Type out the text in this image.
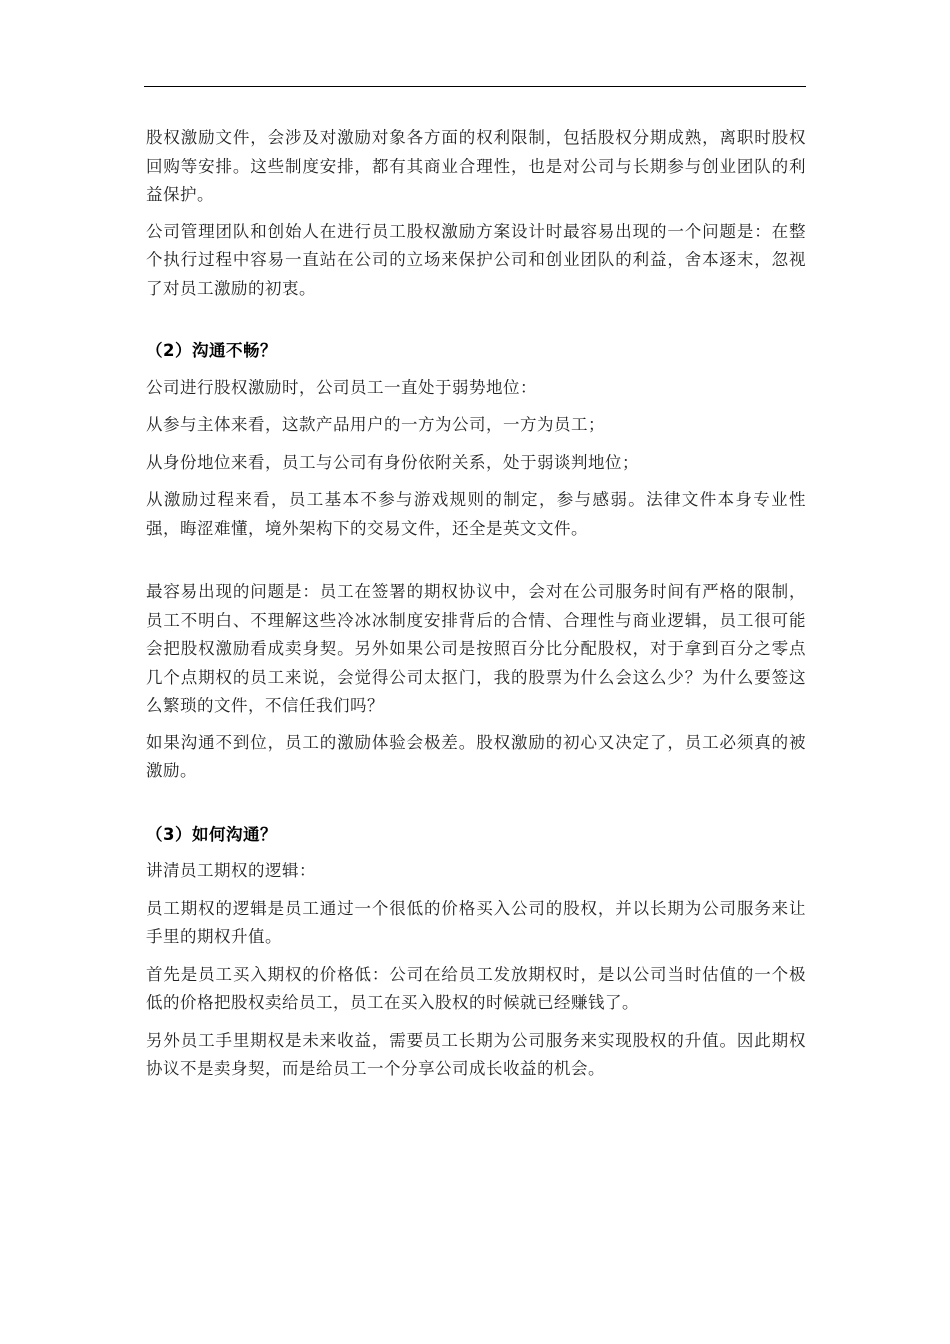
股权激励文件，会涉及对激励对象各方面的权利限制，包括股权分期成熟，离职时股权回购等安排。这些制度安排，都有其商业合理性，也是对公司与长期参与创业团队的利益保护。

公司管理团队和创始人在进行员工股权激励方案设计时最容易出现的一个问题是：在整个执行过程中容易一直站在公司的立场来保护公司和创业团队的利益，舍本逐末，忽视了对员工激励的初衷。

（2）沟通不畅？

公司进行股权激励时，公司员工一直处于弱势地位：

从参与主体来看，这款产品用户的一方为公司，一方为员工；

从身份地位来看，员工与公司有身份依附关系，处于弱谈判地位；

从激励过程来看，员工基本不参与游戏规则的制定，参与感弱。法律文件本身专业性强，晦涩难懂，境外架构下的交易文件，还全是英文文件。

最容易出现的问题是：员工在签署的期权协议中，会对在公司服务时间有严格的限制，员工不明白、不理解这些冷冰冰制度安排背后的合情、合理性与商业逻辑，员工很可能会把股权激励看成卖身契。另外如果公司是按照百分比分配股权，对于拿到百分之零点几个点期权的员工来说，会觉得公司太抠门，我的股票为什么会这么少？为什么要签这么繁琐的文件，不信任我们吗？

如果沟通不到位，员工的激励体验会极差。股权激励的初心又决定了，员工必须真的被激励。

（3）如何沟通？

讲清员工期权的逻辑：

员工期权的逻辑是员工通过一个很低的价格买入公司的股权，并以长期为公司服务来让手里的期权升值。

首先是员工买入期权的价格低：公司在给员工发放期权时，是以公司当时估值的一个极低的价格把股权卖给员工，员工在买入股权的时候就已经赚钱了。

另外员工手里期权是未来收益，需要员工长期为公司服务来实现股权的升值。因此期权协议不是卖身契，而是给员工一个分享公司成长收益的机会。
